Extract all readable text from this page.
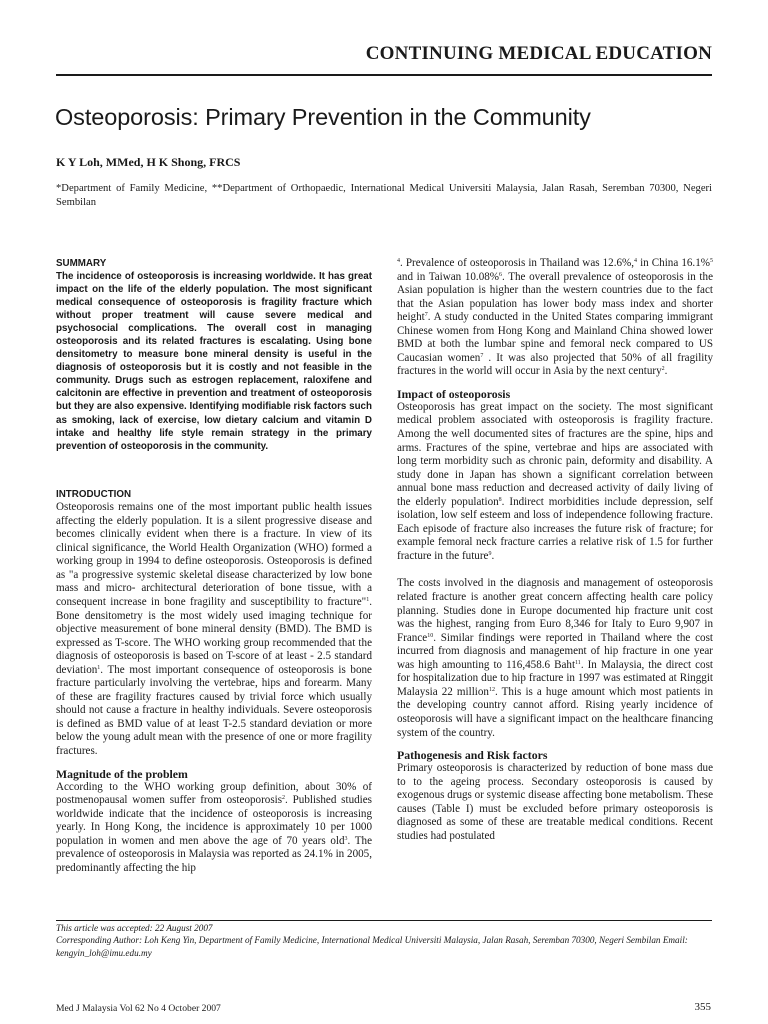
CONTINUING MEDICAL EDUCATION
Osteoporosis: Primary Prevention in the Community
K Y Loh, MMed, H K Shong, FRCS
*Department of Family Medicine, **Department of Orthopaedic, International Medical Universiti Malaysia, Jalan Rasah, Seremban 70300, Negeri Sembilan

SUMMARY

The incidence of osteoporosis is increasing worldwide. It has great impact on the life of the elderly population. The most significant medical consequence of osteoporosis is fragility fracture which without proper treatment will cause severe medical and psychosocial complications. The overall cost in managing osteoporosis and its related fractures is escalating. Using bone densitometry to measure bone mineral density is useful in the diagnosis of osteoporosis but it is costly and not feasible in the community. Drugs such as estrogen replacement, raloxifene and calcitonin are effective in prevention and treatment of osteoporosis but they are also expensive. Identifying modifiable risk factors such as smoking, lack of exercise, low dietary calcium and vitamin D intake and healthy life style remain strategy in the primary prevention of osteoporosis in the community.

INTRODUCTION

Osteoporosis remains one of the most important public health issues affecting the elderly population. It is a silent progressive disease and becomes clinically evident when there is a fracture. In view of its clinical significance, the World Health Organization (WHO) formed a working group in 1994 to define osteoporosis. Osteoporosis is defined as "a progressive systemic skeletal disease characterized by low bone mass and micro- architectural deterioration of bone tissue, with a consequent increase in bone fragility and susceptibility to fracture"$^1$. Bone densitometry is the most widely used imaging technique for objective measurement of bone mineral density (BMD). The BMD is expressed as T-score. The WHO working group recommended that the diagnosis of osteoporosis is based on T-score of at least - 2.5 standard deviation$^1$. The most important consequence of osteoporosis is bone fracture particularly involving the vertebrae, hips and forearm. Many of these are fragility fractures caused by trivial force which usually should not cause a fracture in healthy individuals. Severe osteoporosis is defined as BMD value of at least T-2.5 standard deviation or more below the young adult mean with the presence of one or more fragility fractures.

Magnitude of the problem

According to the WHO working group definition, about 30% of postmenopausal women suffer from osteoporosis$^2$. Published studies worldwide indicate that the incidence of osteoporosis is increasing yearly. In Hong Kong, the incidence is approximately 10 per 1000 population in women and men above the age of 70 years old$^3$. The prevalence of osteoporosis in Malaysia was reported as 24.1% in 2005, predominantly affecting the hip

$^4$. Prevalence of osteoporosis in Thailand was 12.6%,$^4$ in China 16.1%$^5$ and in Taiwan 10.08%$^6$. The overall prevalence of osteoporosis in the Asian population is higher than the western countries due to the fact that the Asian population has lower body mass index and shorter height$^7$. A study conducted in the United States comparing immigrant Chinese women from Hong Kong and Mainland China showed lower BMD at both the lumbar spine and femoral neck compared to US Caucasian women$^7$ . It was also projected that 50% of all fragility fractures in the world will occur in Asia by the next century$^2$.

Impact of osteoporosis

Osteoporosis has great impact on the society. The most significant medical problem associated with osteoporosis is fragility fracture. Among the well documented sites of fractures are the spine, hips and arms. Fractures of the spine, vertebrae and hips are associated with long term morbidity such as chronic pain, deformity and disability. A study done in Japan has shown a significant correlation between annual bone mass reduction and decreased activity of daily living of the elderly population$^8$. Indirect morbidities include depression, self isolation, low self esteem and loss of independence following fracture. Each episode of fracture also increases the future risk of fracture; for example femoral neck fracture carries a relative risk of 1.5 for further fracture in the future$^9$.

The costs involved in the diagnosis and management of osteoporosis related fracture is another great concern affecting health care policy planning. Studies done in Europe documented hip fracture unit cost was the highest, ranging from Euro 8,346 for Italy to Euro 9,907 in France$^{10}$. Similar findings were reported in Thailand where the cost incurred from diagnosis and management of hip fracture in one year was high amounting to 116,458.6 Baht$^{11}$. In Malaysia, the direct cost for hospitalization due to hip fracture in 1997 was estimated at Ringgit Malaysia 22 million$^{12}$. This is a huge amount which most patients in the developing country cannot afford. Rising yearly incidence of osteoporosis will have a significant impact on the healthcare financing system of the country.

Pathogenesis and Risk factors

Primary osteoporosis is characterized by reduction of bone mass due to to the ageing process. Secondary osteoporosis is caused by exogenous drugs or systemic disease affecting bone metabolism. These causes (Table I) must be excluded before primary osteoporosis is diagnosed as some of these are treatable medical conditions. Recent studies had postulated

This article was accepted: 22 August 2007
Corresponding Author: Loh Keng Yin, Department of Family Medicine, International Medical Universiti Malaysia, Jalan Rasah, Seremban 70300, Negeri Sembilan Email: kengyin_loh@imu.edu.my
Med J Malaysia Vol 62 No 4 October 2007	355
